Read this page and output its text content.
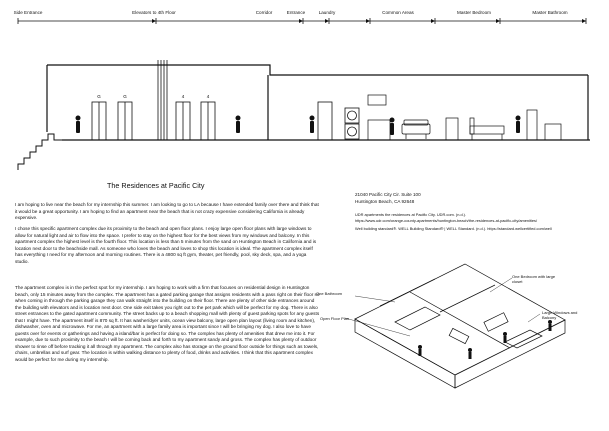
Side Entrance	Elevators to 4th Floor	Corridor	Entrance	Laundry	Common Areas	Master Bedroom	Master Bathroom
G	G	4	4
The Residences at Pacific City
I am hoping to live near the beach for my internship this summer. I am looking to go to LA because I have extended family over there and think that it would be a great opportunity. I am hoping to find an apartment near the beach that is not crazy expensive considering California is already expensive.
I chose this specific apartment complex due its proximity to the beach and open floor plans. I enjoy large open floor plans with large windows to allow for natural light and air to flow into the space. I prefer to stay on the highest floor for the best views from my windows and balcony. In this apartment complex the highest level is the fourth floor. This location is less than 5 minutes from the sand on Huntington Beach in California and is location next door to the beachside mall. As someone who loves the beach and loves to shop this location is ideal. The apartment complex itself has everything I need for my afternoon and morning routines. There is a 4800 sq ft gym, theater, pet friendly, pool, sky deck, spa, and a yoga studio.
The apartment complex is in the perfect spot for my internship. I am hoping to work with a firm that focuses on residential design in Huntington beach, only 15 minutes away from the complex. The apartment has a gated parking garage that assigns residents with a pass right on their floor so when coming in through the parking garage they can walk straight into the building on their floor. There are plenty of other side entrances around the building with elevators and is location next door. One side exit takes you right out to the pet park which will be perfect for my dog. There is also street entrances to the gated apartment community. The street backs up to a beach shopping mall with plenty of guest parking spots for any guests that I might have. The apartment itself is 870 sq ft. It has washer/dyer units, ocean view balcony, large open plan layout (living room and kitchen), dishwasher, oven and microwave. For me, an apartment with a large family area is important since I will be bringing my dog. I also love to have guests over for events or gatherings and having a island/bar is perfect for doing so. The complex has plenty of amenities that drew me into it. For example, due to such proximity to the beach I will be coming back and forth to my apartment sandy and gross. The complex has plenty of outdoor shower to rinse off before tracking it all through my apartment. The complex also has storage on the ground floor outside for things such as towels, chairs, umbrellas and surf gear. The location is within walking distance to plenty of food, drinks and activities. I think that this apartment complex would be perfect for me during my internship.
21040 Pacific City Cir. Suite 100
Huntington Beach, CA 92648
UDR apartments the residences at Pacific City. UDR.com. (n.d.).
https://www.udr.com/orange-county-apartments/huntington-beach/the-residences-at-pacific-city/amenities/
Well building standard®. WELL Building Standard® | WELL Standard. (n.d.). https://standard.wellcertified.com/well
One Bathroom
One Bedroom with large closet
Large Windows and Balcony
Open Floor Plan
